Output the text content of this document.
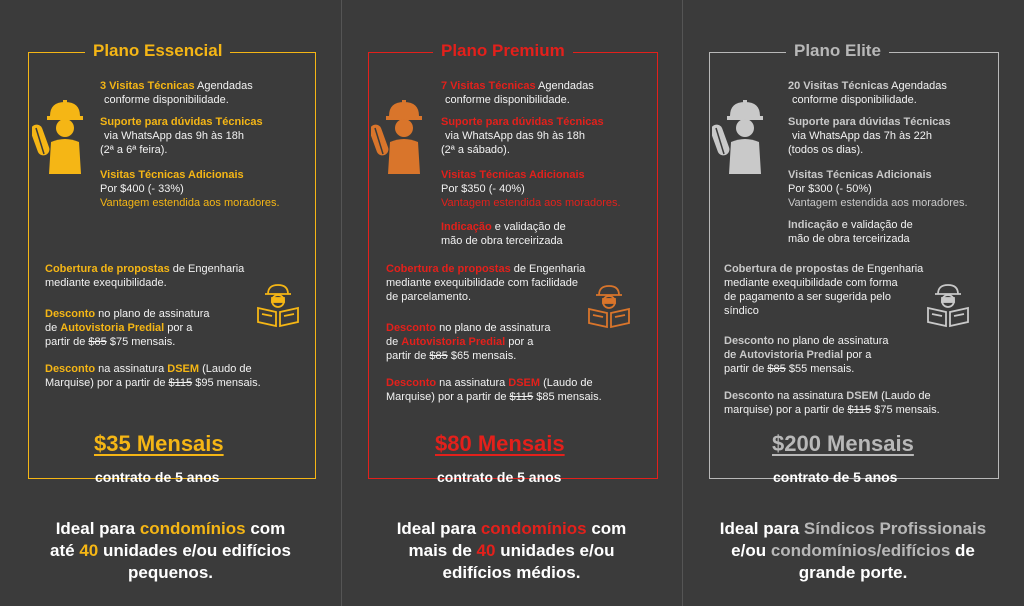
Plano Essencial
3 Visitas Técnicas Agendadas
conforme disponibilidade.
Suporte para dúvidas Técnicas
via WhatsApp das 9h às 18h
(2ª a 6ª feira).
Visitas Técnicas Adicionais
Por $400 (- 33%)
Vantagem estendida aos moradores.
Cobertura de propostas de Engenharia
mediante exequibilidade.
Desconto no plano de assinatura
de Autovistoria Predial por a
partir de $85 $75 mensais.
Desconto na assinatura DSEM (Laudo de
Marquise) por a partir de $115 $95 mensais.
$35 Mensais
contrato de 5 anos
Ideal para condomínios com
até 40 unidades e/ou edifícios
pequenos.
Plano Premium
7 Visitas Técnicas Agendadas
conforme disponibilidade.
Suporte para dúvidas Técnicas
via WhatsApp das 9h às 18h
(2ª a sábado).
Visitas Técnicas Adicionais
Por $350 (- 40%)
Vantagem estendida aos moradores.
Indicação e validação de
mão de obra terceirizada
Cobertura de propostas de Engenharia
mediante exequibilidade com facilidade
de parcelamento.
Desconto no plano de assinatura
de Autovistoria Predial por a
partir de $85 $65 mensais.
Desconto na assinatura DSEM (Laudo de
Marquise) por a partir de $115 $85 mensais.
$80 Mensais
contrato de 5 anos
Ideal para condomínios com
mais de 40 unidades e/ou
edifícios médios.
Plano Elite
20 Visitas Técnicas Agendadas
conforme disponibilidade.
Suporte para dúvidas Técnicas
via WhatsApp das 7h às 22h
(todos os dias).
Visitas Técnicas Adicionais
Por $300 (- 50%)
Vantagem estendida aos moradores.
Indicação e validação de
mão de obra terceirizada
Cobertura de propostas de Engenharia
mediante exequibilidade com forma
de pagamento a ser sugerida pelo
síndico
Desconto no plano de assinatura
de Autovistoria Predial por a
partir de $85 $55 mensais.
Desconto na assinatura DSEM (Laudo de
marquise) por a partir de $115 $75 mensais.
$200 Mensais
contrato de 5 anos
Ideal para Síndicos Profissionais
e/ou condomínios/edifícios de
grande porte.
